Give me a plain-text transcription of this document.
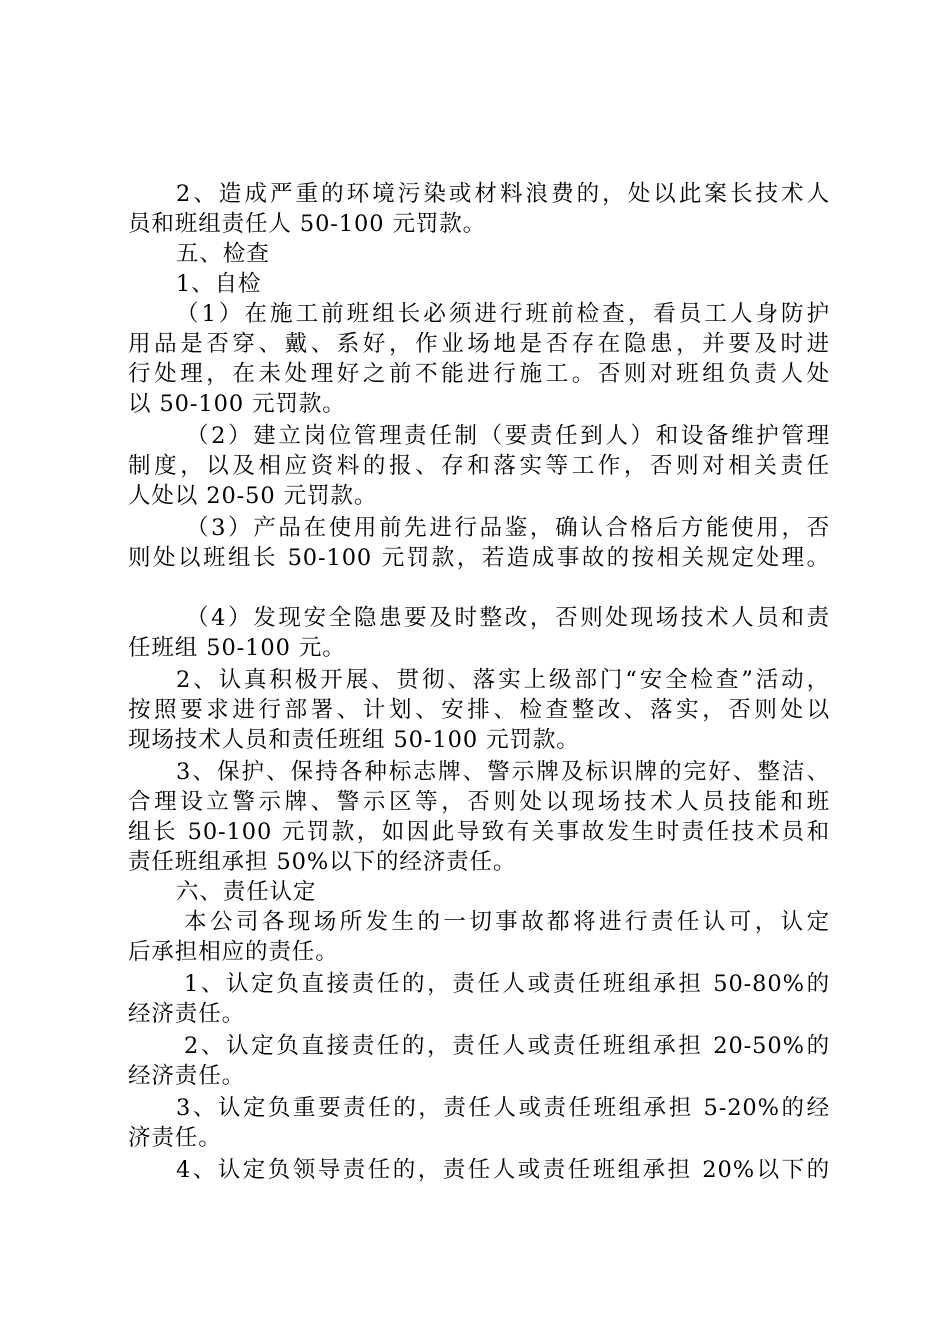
2、造成严重的环境污染或材料浪费的，处以此案长技术人
员和班组责任人 50-100 元罚款。
五、检查
1、自检
（1）在施工前班组长必须进行班前检查，看员工人身防护
用品是否穿、戴、系好，作业场地是否存在隐患，并要及时进
行处理，在未处理好之前不能进行施工。否则对班组负责人处
以 50-100 元罚款。
（2）建立岗位管理责任制（要责任到人）和设备维护管理
制度，以及相应资料的报、存和落实等工作，否则对相关责任
人处以 20-50 元罚款。
（3）产品在使用前先进行品鉴，确认合格后方能使用，否
则处以班组长 50-100 元罚款，若造成事故的按相关规定处理。
（4）发现安全隐患要及时整改，否则处现场技术人员和责
任班组 50-100 元。
2、认真积极开展、贯彻、落实上级部门“安全检查”活动，
按照要求进行部署、计划、安排、检查整改、落实，否则处以
现场技术人员和责任班组 50-100 元罚款。
3、保护、保持各种标志牌、警示牌及标识牌的完好、整洁、
合理设立警示牌、警示区等，否则处以现场技术人员技能和班
组长 50-100 元罚款，如因此导致有关事故发生时责任技术员和
责任班组承担 50%以下的经济责任。
六、责任认定
本公司各现场所发生的一切事故都将进行责任认可，认定
后承担相应的责任。
1、认定负直接责任的，责任人或责任班组承担 50-80%的
经济责任。
2、认定负直接责任的，责任人或责任班组承担 20-50%的
经济责任。
3、认定负重要责任的，责任人或责任班组承担 5-20%的经
济责任。
4、认定负领导责任的，责任人或责任班组承担 20%以下的
